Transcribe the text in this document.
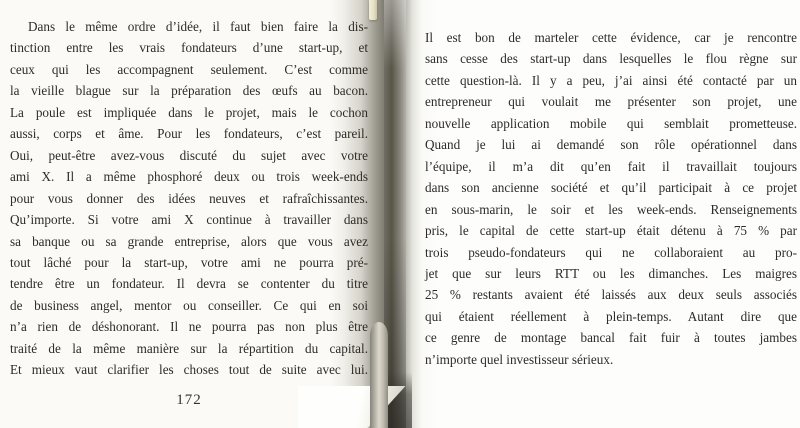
Dans le même ordre d’idée, il faut bien faire la dis-
tinction entre les vrais fondateurs d’une start-up, et
ceux qui les accompagnent seulement. C’est comme
la vieille blague sur la préparation des œufs au bacon.
La poule est impliquée dans le projet, mais le cochon
aussi, corps et âme. Pour les fondateurs, c’est pareil.
Oui, peut-être avez-vous discuté du sujet avec votre
ami X. Il a même phosphoré deux ou trois week-ends
pour vous donner des idées neuves et rafraîchissantes.
Qu’importe. Si votre ami X continue à travailler dans
sa banque ou sa grande entreprise, alors que vous avez
tout lâché pour la start-up, votre ami ne pourra pré-
tendre être un fondateur. Il devra se contenter du titre
de business angel, mentor ou conseiller. Ce qui en soi
n’a rien de déshonorant. Il ne pourra pas non plus être
traité de la même manière sur la répartition du capital.
Et mieux vaut clarifier les choses tout de suite avec lui.
172
Il est bon de marteler cette évidence, car je rencontre
sans cesse des start-up dans lesquelles le flou règne sur
cette question-là. Il y a peu, j’ai ainsi été contacté par un
entrepreneur qui voulait me présenter son projet, une
nouvelle application mobile qui semblait prometteuse.
Quand je lui ai demandé son rôle opérationnel dans
l’équipe, il m’a dit qu’en fait il travaillait toujours
dans son ancienne société et qu’il participait à ce projet
en sous-marin, le soir et les week-ends. Renseignements
pris, le capital de cette start-up était détenu à 75 % par
trois pseudo-fondateurs qui ne collaboraient au pro-
jet que sur leurs RTT ou les dimanches. Les maigres
25 % restants avaient été laissés aux deux seuls associés
qui étaient réellement à plein-temps. Autant dire que
ce genre de montage bancal fait fuir à toutes jambes
n’importe quel investisseur sérieux.
